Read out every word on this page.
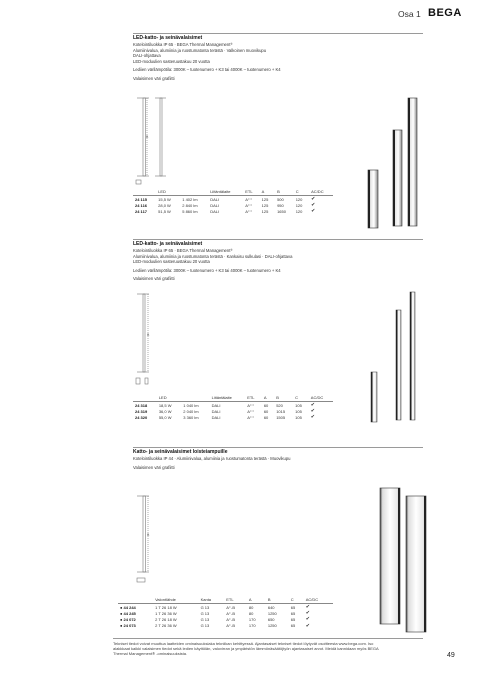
Osa 1 BEGA
LED-katto- ja seinävalaisimet
Kotelointiluokka IP 65 · BEGA Thermal Management®
Alumiinivalua, alumiinia ja ruostumatonta terästä · Valkoinen muovikupu
DALI-ohjattava
LED-moduulien sasteruustakuu 20 vuotta
Lediien värilämpötila: 3000K – tuotenumero + K3 tai 4000K – tuotenumero + K4
Valaisimen väri grafiitti
B
	LED		Liitäntälaite	ETL	A	B	C	AC/DC
24 115	15,5 W	1 402 lm	DALI	A⁺⁺	125	500	120	✔
24 116	28,0 W	2 840 lm	DALI	A⁺⁺	125	950	120	✔
24 117	51,5 W	5 860 lm	DALI	A⁺⁺	125	1650	120	✔
LED-katto- ja seinävalaisimet
Kotelointiluokka IP 65 · BEGA Thermal Management®
Alumiinivalua, alumiinia ja ruostumatonta terästä · Kankaisu sulkulasi · DALI-ohjattava
LED-moduulien sasteruustakuu 20 vuotta
Lediien värilämpötila: 3000K – tuotenumero + K3 tai 4000K – tuotenumero + K4
Valaisimen väri grafiitti
B
	LED		Liitäntälaite	ETL	A	B	C	AC/DC
24 318	18,5 W	1 040 lm	DALI	A⁺⁺	60	520	105	✔
24 319	36,0 W	2 040 lm	DALI	A⁺⁺	60	1015	105	✔
24 320	55,0 W	3 360 lm	DALI	A⁺⁺	60	1505	105	✔
Katto- ja seinävalaisimet loisteiampuille
Kotelointiluokka IP 44 · Alumiinivalua, alumiinia ja ruostumatonta terästä · Muovikupu
Valaisimen väri grafiitti
B
	Valontlähde	Kanta	ETL	A	B	C	AC/DC
● 44 244	1 T 26 18 W	G 13	A⁺-B	80	640	65	✔
● 44 245	1 T 26 36 W	G 13	A⁺-B	80	1250	65	✔
● 24 072	2 T 26 18 W	G 13	A⁺-B	170	650	65	✔
● 24 073	2 T 26 36 W	G 13	A⁺-B	170	1250	65	✔
Tekniset tiedot voivat muuttua laatteiden ominaisuuksiaka tekniikan kehittyessä. Ajantasaiset tekniset tiedot löytyvät osoitteesta www.bega.com. Iso alakkkaat kaikki valaisimen tiedot sekä ledien käyttöiän, valovirran ja ympäristön lämmönäsäätöjtyön ajantasaiset arvot. Meidä kannidaan myös BEGA Thermal Management® -ominaisuuksista.	49
